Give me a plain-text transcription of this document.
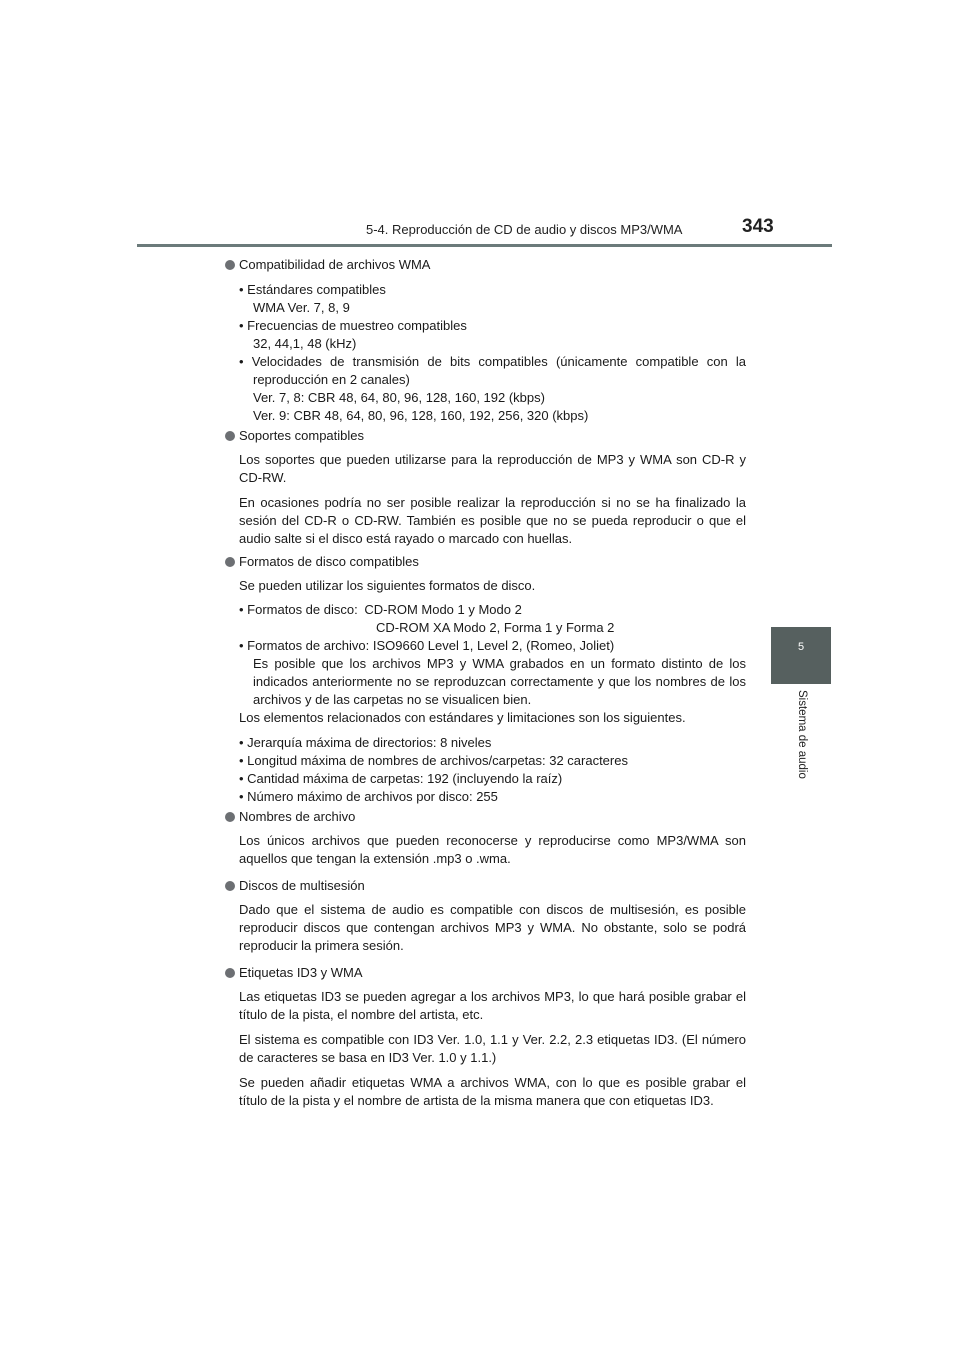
5-4. Reproducción de CD de audio y discos MP3/WMA	343
5
Sistema de audio
Compatibilidad de archivos WMA
• Estándares compatibles
WMA Ver. 7, 8, 9
• Frecuencias de muestreo compatibles
32, 44,1, 48 (kHz)
• Velocidades de transmisión de bits compatibles (únicamente compatible con la
reproducción en 2 canales)
Ver. 7, 8: CBR 48, 64, 80, 96, 128, 160, 192 (kbps)
Ver. 9: CBR 48, 64, 80, 96, 128, 160, 192, 256, 320 (kbps)
Soportes compatibles

Los soportes que pueden utilizarse para la reproducción de MP3 y WMA son CD-R y CD-RW.

En ocasiones podría no ser posible realizar la reproducción si no se ha finalizado la sesión del CD-R o CD-RW. También es posible que no se pueda reproducir o que el audio salte si el disco está rayado o marcado con huellas.

Formatos de disco compatibles

Se pueden utilizar los siguientes formatos de disco.

• Formatos de disco: CD-ROM Modo 1 y Modo 2
CD-ROM XA Modo 2, Forma 1 y Forma 2
• Formatos de archivo: ISO9660 Level 1, Level 2, (Romeo, Joliet)
Es posible que los archivos MP3 y WMA grabados en un formato distinto de los indicados anteriormente no se reproduzcan correctamente y que los nombres de los archivos y de las carpetas no se visualicen bien.

Los elementos relacionados con estándares y limitaciones son los siguientes.

• Jerarquía máxima de directorios: 8 niveles
• Longitud máxima de nombres de archivos/carpetas: 32 caracteres
• Cantidad máxima de carpetas: 192 (incluyendo la raíz)
• Número máximo de archivos por disco: 255
Nombres de archivo

Los únicos archivos que pueden reconocerse y reproducirse como MP3/WMA son aquellos que tengan la extensión .mp3 o .wma.

Discos de multisesión

Dado que el sistema de audio es compatible con discos de multisesión, es posible reproducir discos que contengan archivos MP3 y WMA. No obstante, solo se podrá reproducir la primera sesión.

Etiquetas ID3 y WMA

Las etiquetas ID3 se pueden agregar a los archivos MP3, lo que hará posible grabar el título de la pista, el nombre del artista, etc.

El sistema es compatible con ID3 Ver. 1.0, 1.1 y Ver. 2.2, 2.3 etiquetas ID3. (El número de caracteres se basa en ID3 Ver. 1.0 y 1.1.)

Se pueden añadir etiquetas WMA a archivos WMA, con lo que es posible grabar el título de la pista y el nombre de artista de la misma manera que con etiquetas ID3.
